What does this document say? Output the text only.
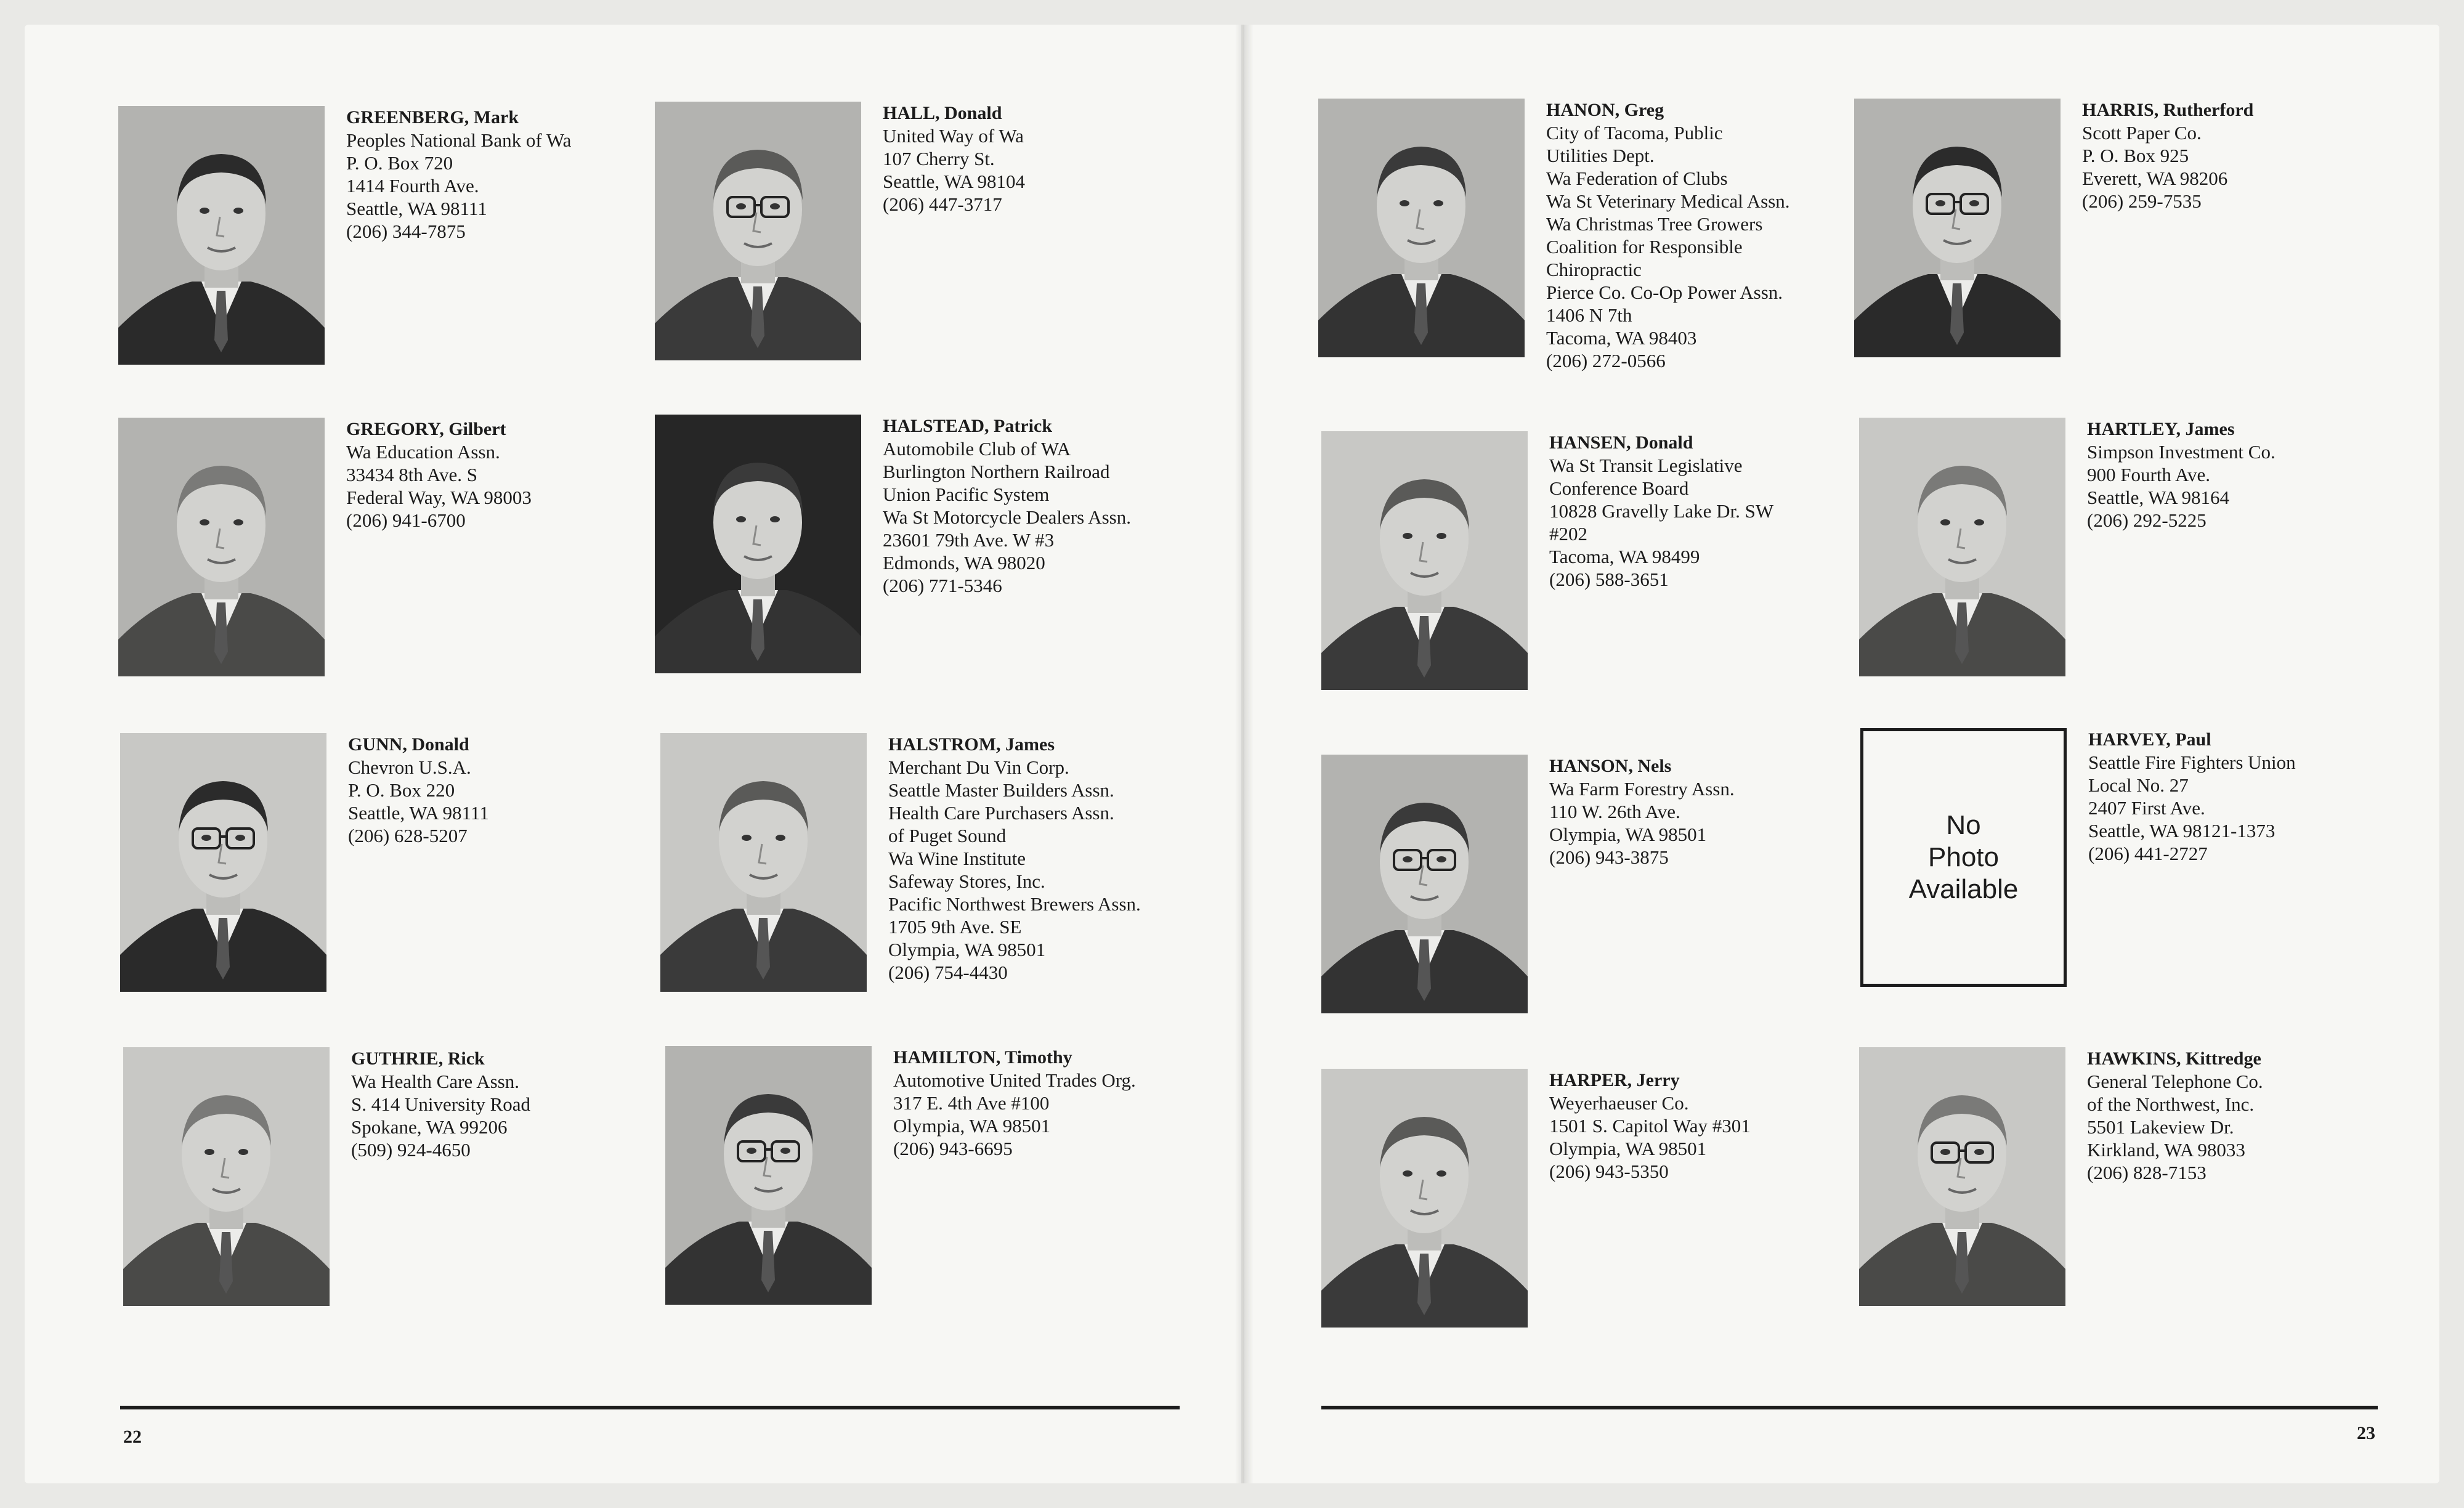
GREENBERG, Mark
Peoples National Bank of Wa
P. O. Box 720
1414 Fourth Ave.
Seattle, WA 98111
(206) 344-7875
HALL, Donald
United Way of Wa
107 Cherry St.
Seattle, WA 98104
(206) 447-3717
GREGORY, Gilbert
Wa Education Assn.
33434 8th Ave. S
Federal Way, WA 98003
(206) 941-6700
HALSTEAD, Patrick
Automobile Club of WA
Burlington Northern Railroad
Union Pacific System
Wa St Motorcycle Dealers Assn.
23601 79th Ave. W #3
Edmonds, WA 98020
(206) 771-5346
GUNN, Donald
Chevron U.S.A.
P. O. Box 220
Seattle, WA 98111
(206) 628-5207
HALSTROM, James
Merchant Du Vin Corp.
Seattle Master Builders Assn.
Health Care Purchasers Assn.
of Puget Sound
Wa Wine Institute
Safeway Stores, Inc.
Pacific Northwest Brewers Assn.
1705 9th Ave. SE
Olympia, WA 98501
(206) 754-4430
GUTHRIE, Rick
Wa Health Care Assn.
S. 414 University Road
Spokane, WA 99206
(509) 924-4650
HAMILTON, Timothy
Automotive United Trades Org.
317 E. 4th Ave #100
Olympia, WA 98501
(206) 943-6695
HANON, Greg
City of Tacoma, Public
Utilities Dept.
Wa Federation of Clubs
Wa St Veterinary Medical Assn.
Wa Christmas Tree Growers
Coalition for Responsible
Chiropractic
Pierce Co. Co-Op Power Assn.
1406 N 7th
Tacoma, WA 98403
(206) 272-0566
HARRIS, Rutherford
Scott Paper Co.
P. O. Box 925
Everett, WA 98206
(206) 259-7535
HANSEN, Donald
Wa St Transit Legislative
Conference Board
10828 Gravelly Lake Dr. SW
#202
Tacoma, WA 98499
(206) 588-3651
HARTLEY, James
Simpson Investment Co.
900 Fourth Ave.
Seattle, WA 98164
(206) 292-5225
HANSON, Nels
Wa Farm Forestry Assn.
110 W. 26th Ave.
Olympia, WA 98501
(206) 943-3875
No
Photo
Available
HARVEY, Paul
Seattle Fire Fighters Union
Local No. 27
2407 First Ave.
Seattle, WA 98121-1373
(206) 441-2727
HARPER, Jerry
Weyerhaeuser Co.
1501 S. Capitol Way #301
Olympia, WA 98501
(206) 943-5350
HAWKINS, Kittredge
General Telephone Co.
of the Northwest, Inc.
5501 Lakeview Dr.
Kirkland, WA 98033
(206) 828-7153
22	23
